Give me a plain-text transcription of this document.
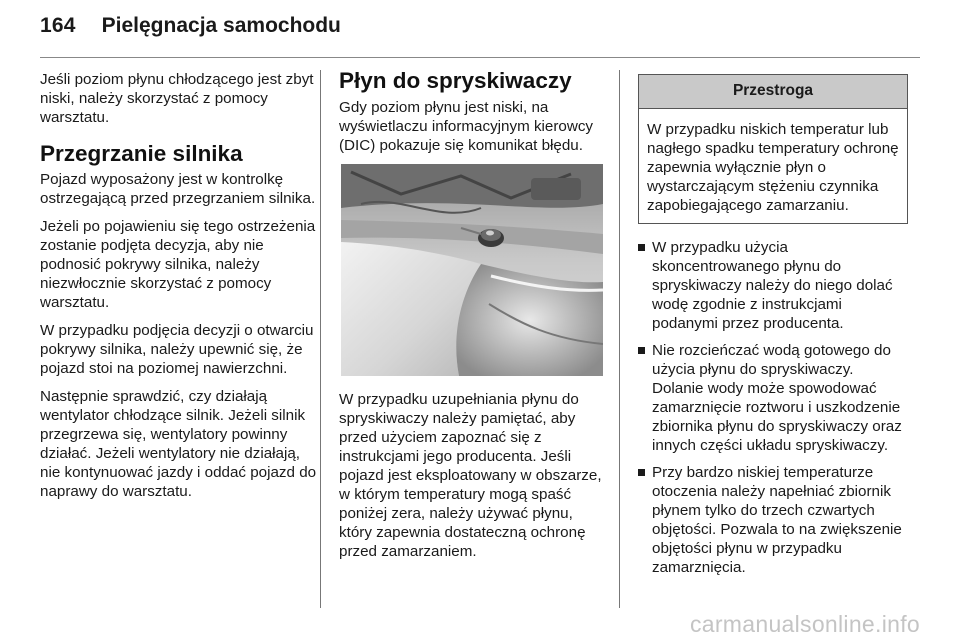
164 Pielęgnacja samochodu

Jeśli poziom płynu chłodzącego jest zbyt niski, należy skorzystać z pomocy warsztatu.

Przegrzanie silnika

Pojazd wyposażony jest w kontrolkę ostrzegającą przed przegrzaniem silnika.

Jeżeli po pojawieniu się tego ostrzeżenia zostanie podjęta decyzja, aby nie podnosić pokrywy silnika, należy niezwłocznie skorzystać z pomocy warsztatu.

W przypadku podjęcia decyzji o otwarciu pokrywy silnika, należy upewnić się, że pojazd stoi na poziomej nawierzchni.

Następnie sprawdzić, czy działają wentylator chłodzące silnik. Jeżeli silnik przegrzewa się, wentylatory powinny działać. Jeżeli wentylatory nie działają, nie kontynuować jazdy i oddać pojazd do naprawy do warsztatu.

Płyn do spryskiwaczy

Gdy poziom płynu jest niski, na wyświetlaczu informacyjnym kierowcy (DIC) pokazuje się komunikat błędu.

W przypadku uzupełniania płynu do spryskiwaczy należy pamiętać, aby przed użyciem zapoznać się z instrukcjami jego producenta. Jeśli pojazd jest eksploatowany w obszarze, w którym temperatury mogą spaść poniżej zera, należy używać płynu, który zapewnia dostateczną ochronę przed zamarzaniem.

Przestroga
W przypadku niskich temperatur lub nagłego spadku temperatury ochronę zapewnia wyłącznie płyn o wystarczającym stężeniu czynnika zapobiegającego zamarzaniu.
W przypadku użycia skoncentrowanego płynu do spryskiwaczy należy do niego dolać wodę zgodnie z instrukcjami podanymi przez producenta.
Nie rozcieńczać wodą gotowego do użycia płynu do spryskiwaczy. Dolanie wody może spowodować zamarznięcie roztworu i uszkodzenie zbiornika płynu do spryskiwaczy oraz innych części układu spryskiwaczy.
Przy bardzo niskiej temperaturze otoczenia należy napełniać zbiornik płynem tylko do trzech czwartych objętości. Pozwala to na zwiększenie objętości płynu w przypadku zamarznięcia.
carmanualsonline.info
